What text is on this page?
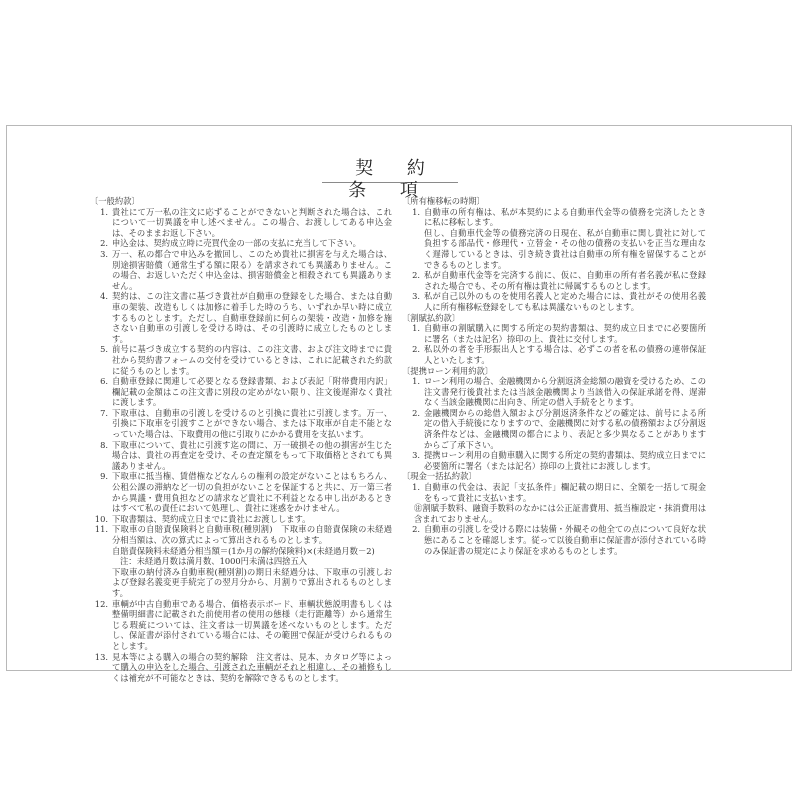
契 約 条 項
〔一般約款〕
1. 貴社にて万一私の注文に応ずることができないと判断された場合は、これについて一切異議を申し述べません。この場合、お渡ししてある申込金は、そのままお返し下さい。
2. 申込金は、契約成立時に売買代金の一部の支払に充当して下さい。
3. 万一、私の都合で申込みを撤回し、このため貴社に損害を与えた場合は、別途損害賠償（通常生ずる額に限る）を請求されても異議ありません。この場合、お返しいただく申込金は、損害賠償金と相殺されても異議ありません。
4. 契約は、この注文書に基づき貴社が自動車の登録をした場合、または自動車の架装、改造もしくは加修に着手した時のうち、いずれか早い時に成立するものとします。ただし、自動車登録前に何らの架装・改造・加修を施さない自動車の引渡しを受ける時は、その引渡時に成立したものとします。
5. 前号に基づき成立する契約の内容は、この注文書、および注文時までに貴社から契約書フォームの交付を受けているときは、これに記載された約款に従うものとします。
6. 自動車登録に関連して必要となる登録書類、および表記「附帯費用内訳」欄記載の金額はこの注文書に別段の定めがない限り、注文後遅滞なく貴社に渡します。
7. 下取車は、自動車の引渡しを受けるのと引換に貴社に引渡します。万一、引換に下取車を引渡すことができない場合、または下取車が自走不能となっていた場合は、下取費用の他に引取りにかかる費用を支払います。
8. 下取車について、貴社に引渡す迄の間に、万一破損その他の損害が生じた場合は、貴社の再査定を受け、その査定額をもって下取価格とされても異議ありません。
9. 下取車に抵当権、賃借権などなんらの権利の設定がないことはもちろん、公租公課の滞納など一切の負担がないことを保証すると共に、万一第三者から異議・費用負担などの請求など貴社に不利益となる申し出があるときはすべて私の責任において処理し、貴社に迷惑をかけません。
10. 下取書類は、契約成立日までに貴社にお渡しします。
11. 下取車の自賠責保険料と自動車税(種別割)　下取車の自賠責保険の未経過分相当額は、次の算式によって算出されるものとします。
自賠責保険料未経過分相当額＝(1か月の解約保険料)×(未経過月数－2)
注：未経過月数は満月数、1000円未満は四捨五入
下取車の納付済み自動車税(種別割)の期日未経過分は、下取車の引渡しおよび登録名義変更手続完了の翌月分から、月割りで算出されるものとします。
12. 車輌が中古自動車である場合、価格表示ボード、車輌状態説明書もしくは整備明細書に記載された前使用者の使用の態様（走行距離等）から通常生じる瑕疵については、注文者は一切異議を述べないものとします。ただし、保証書が添付されている場合には、その範囲で保証が受けられるものとします。
13. 見本等による購入の場合の契約解除　注文者は、見本、カタログ等によって購入の申込をした場合、引渡された車輌がそれと相違し、その補修もしくは補充が不可能なときは、契約を解除できるものとします。
〔所有権移転の時期〕
1. 自動車の所有権は、私が本契約による自動車代金等の債務を完済したときに私に移転します。
但し、自動車代金等の債務完済の日現在、私が自動車に関し貴社に対して負担する部品代・修理代・立替金・その他の債務の支払いを正当な理由なく遅滞しているときは、引き続き貴社は自動車の所有権を留保することができるものとします。
2. 私が自動車代金等を完済する前に、仮に、自動車の所有者名義が私に登録された場合でも、その所有権は貴社に帰属するものとします。
3. 私が自己以外のものを使用名義人と定めた場合には、貴社がその使用名義人に所有権移転登録をしても私は異議ないものとします。
〔割賦払約款〕
1. 自動車の割賦購入に関する所定の契約書類は、契約成立日までに必要箇所に署名（または記名）捺印の上、貴社に交付します。
2. 私以外の者を手形振出人とする場合は、必ずこの者を私の債務の連帯保証人といたします。
〔提携ローン利用約款〕
1. ローン利用の場合、金融機関から分割返済金総額の融資を受けるため、この注文書発行後貴社または当該金融機関より当該借入の保証承諾を得、遅滞なく当該金融機関に出向き、所定の借入手続をとります。
2. 金融機関からの総借入額および分割返済条件などの確定は、前号による所定の借入手続後になりますので、金融機関に対する私の債務額および分割返済条件などは、金融機関の都合により、表記と多少異なることがありますからご了承下さい。
3. 提携ローン利用の自動車購入に関する所定の契約書類は、契約成立日までに必要箇所に署名（または記名）捺印の上貴社にお渡しします。
〔現金一括払約款〕
1. 自動車の代金は、表記「支払条件」欄記載の期日に、全額を一括して現金をもって貴社に支払います。
㊟割賦手数料、融資手数料のなかには公正証書費用、抵当権設定・抹消費用は含まれておりません。
2. 自動車の引渡しを受ける際には装備・外観その他全ての点について良好な状態にあることを確認します。従って以後自動車に保証書が添付されている時のみ保証書の規定により保証を求めるものとします。
